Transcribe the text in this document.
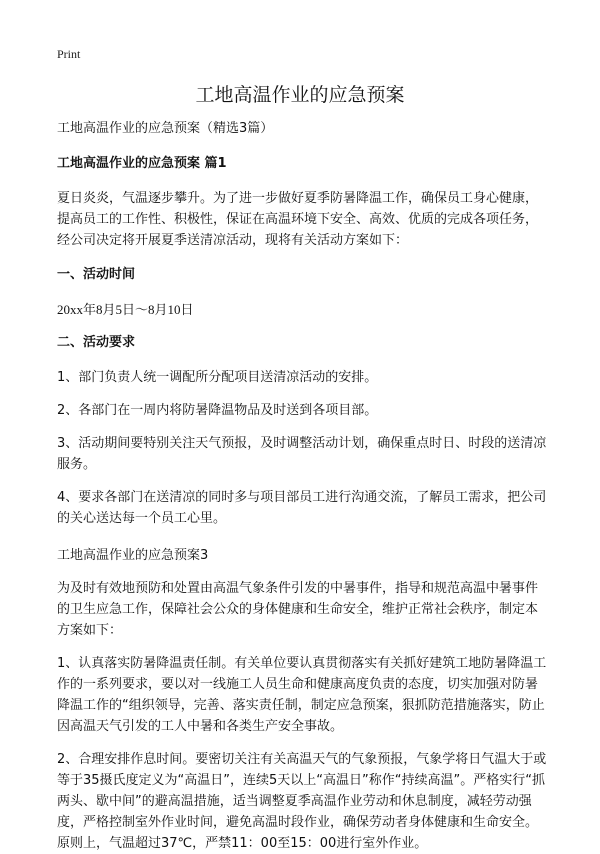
Print
工地高温作业的应急预案

工地高温作业的应急预案（精选3篇）

工地高温作业的应急预案 篇1

夏日炎炎，气温逐步攀升。为了进一步做好夏季防暑降温工作，确保员工身心健康，提高员工的工作性、积极性，保证在高温环境下安全、高效、优质的完成各项任务，经公司决定将开展夏季送清凉活动，现将有关活动方案如下：

一、活动时间

20xx年8月5日～8月10日

二、活动要求

1、部门负责人统一调配所分配项目送清凉活动的安排。

2、各部门在一周内将防暑降温物品及时送到各项目部。

3、活动期间要特别关注天气预报，及时调整活动计划，确保重点时日、时段的送清凉服务。

4、要求各部门在送清凉的同时多与项目部员工进行沟通交流，了解员工需求，把公司的关心送达每一个员工心里。

工地高温作业的应急预案3

为及时有效地预防和处置由高温气象条件引发的中暑事件，指导和规范高温中暑事件的卫生应急工作，保障社会公众的身体健康和生命安全，维护正常社会秩序，制定本方案如下：

1、认真落实防暑降温责任制。有关单位要认真贯彻落实有关抓好建筑工地防暑降温工作的一系列要求，要以对一线施工人员生命和健康高度负责的态度，切实加强对防暑降温工作的“组织领导，完善、落实责任制，制定应急预案，狠抓防范措施落实，防止因高温天气引发的工人中暑和各类生产安全事故。

2、合理安排作息时间。要密切关注有关高温天气的气象预报，气象学将日气温大于或等于35摄氏度定义为“高温日”，连续5天以上“高温日”称作“持续高温”。严格实行“抓两头、歇中间”的避高温措施，适当调整夏季高温作业劳动和休息制度，减轻劳动强度，严格控制室外作业时间，避免高温时段作业，确保劳动者身体健康和生命安全。原则上，气温超过37℃，严禁11：00至15：00进行室外作业。
